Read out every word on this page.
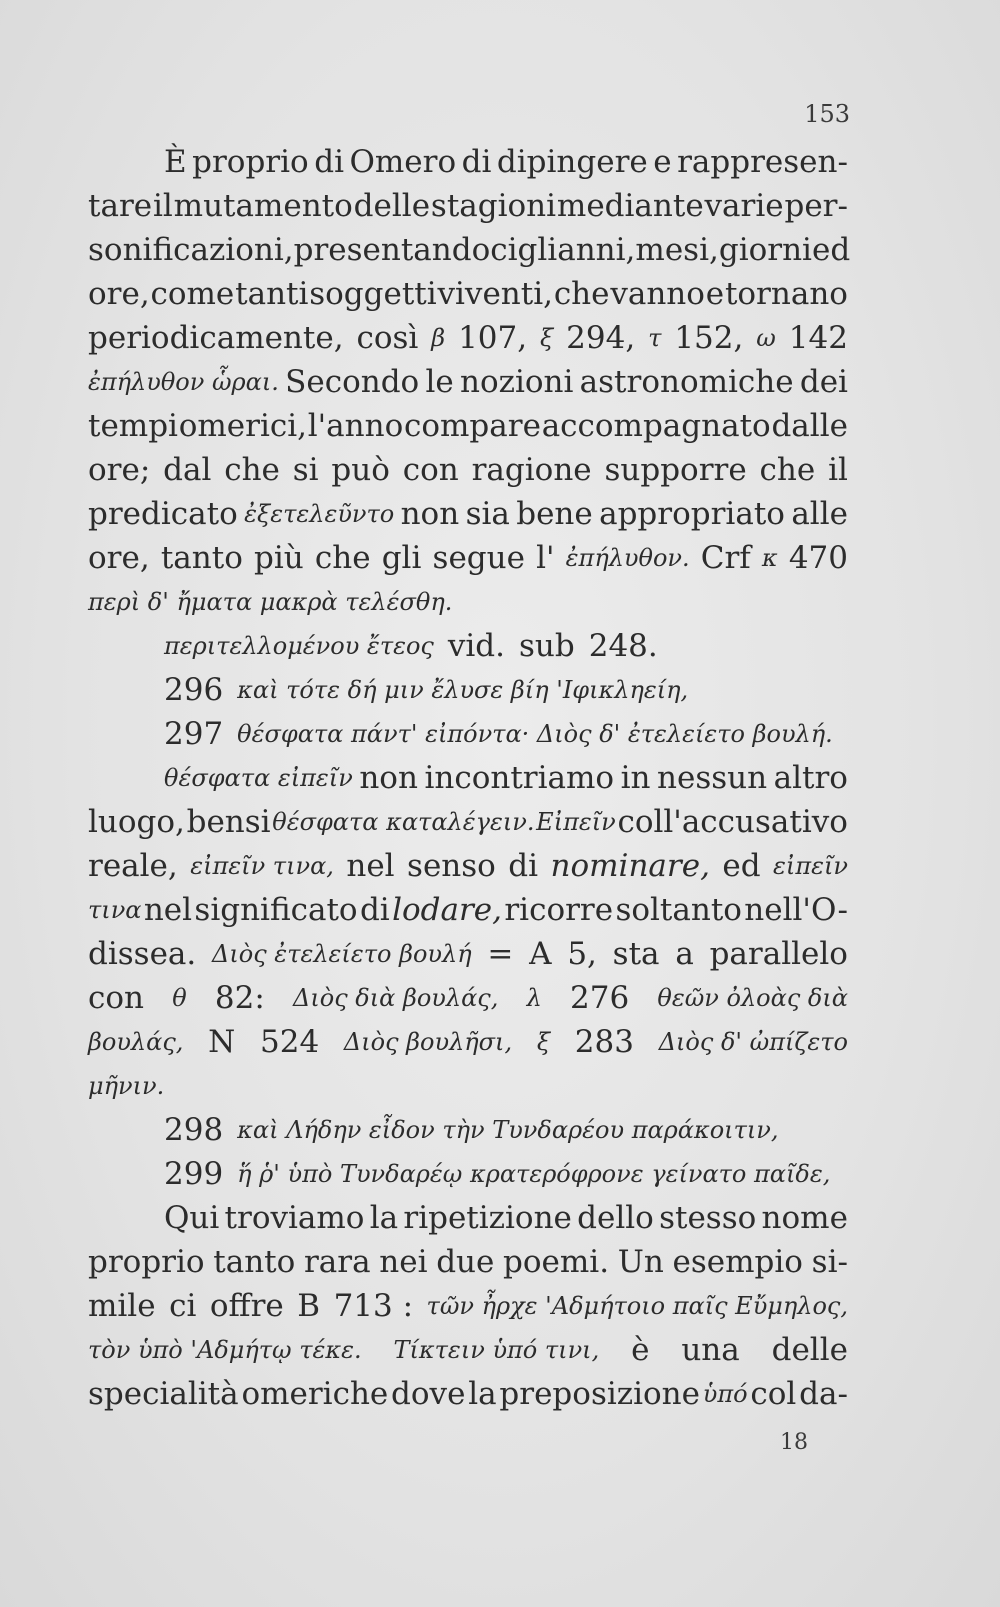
153
È proprio di Omero di dipingere e rappresen-
tare il mutamento delle stagioni mediante varie per-
sonificazioni, presentandoci gli anni, mesi, giorni ed
ore, come tanti soggetti viventi, che vanno e tornano
periodicamente, così β 107, ξ 294, τ 152, ω 142
ἐπήλυθον ὧραι. Secondo le nozioni astronomiche dei
tempi omerici, l'anno compare accompagnato dalle
ore; dal che si può con ragione supporre che il
predicato ἐξετελεῦντο non sia bene appropriato alle
ore, tanto più che gli segue l' ἐπήλυθον. Crf κ 470
περὶ δ' ἤματα μακρὰ τελέσθη.
περιτελλομένου ἔτεος vid. sub 248.
296 καὶ τότε δή μιν ἔλυσε βίη 'Ιφικληείη,
297 θέσφατα πάντ' εἰπόντα· Διὸς δ' ἐτελείετο βουλή.
θέσφατα εἰπεῖν non incontriamo in nessun altro
luogo, bensi θέσφατα καταλέγειν. Εἰπεῖν coll'accusativo
reale, εἰπεῖν τινα, nel senso di nominare, ed εἰπεῖν
τινα nel significato di lodare, ricorre soltanto nell'O-
dissea. Διὸς ἐτελείετο βουλή = A 5, sta a parallelo
con θ 82: Διὸς διὰ βουλάς, λ 276 θεῶν ὀλοὰς διὰ
βουλάς, N 524 Διὸς βουλῆσι, ξ 283 Διὸς δ' ὠπίζετο
μῆνιν.
298 καὶ Λήδην εἶδον τὴν Τυνδαρέου παράκοιτιν,
299 ἥ ῥ' ὑπὸ Τυνδαρέῳ κρατερόφρονε γείνατο παῖδε,
Qui troviamo la ripetizione dello stesso nome
proprio tanto rara nei due poemi. Un esempio si-
mile ci offre B 713 : τῶν ἦρχε 'Αδμήτοιο παῖς Εὔμηλος,
τὸν ὑπὸ 'Αδμήτῳ τέκε. Τίκτειν ὑπό τινι, è una delle
specialità omeriche dove la preposizione ὑπό col da-
18
